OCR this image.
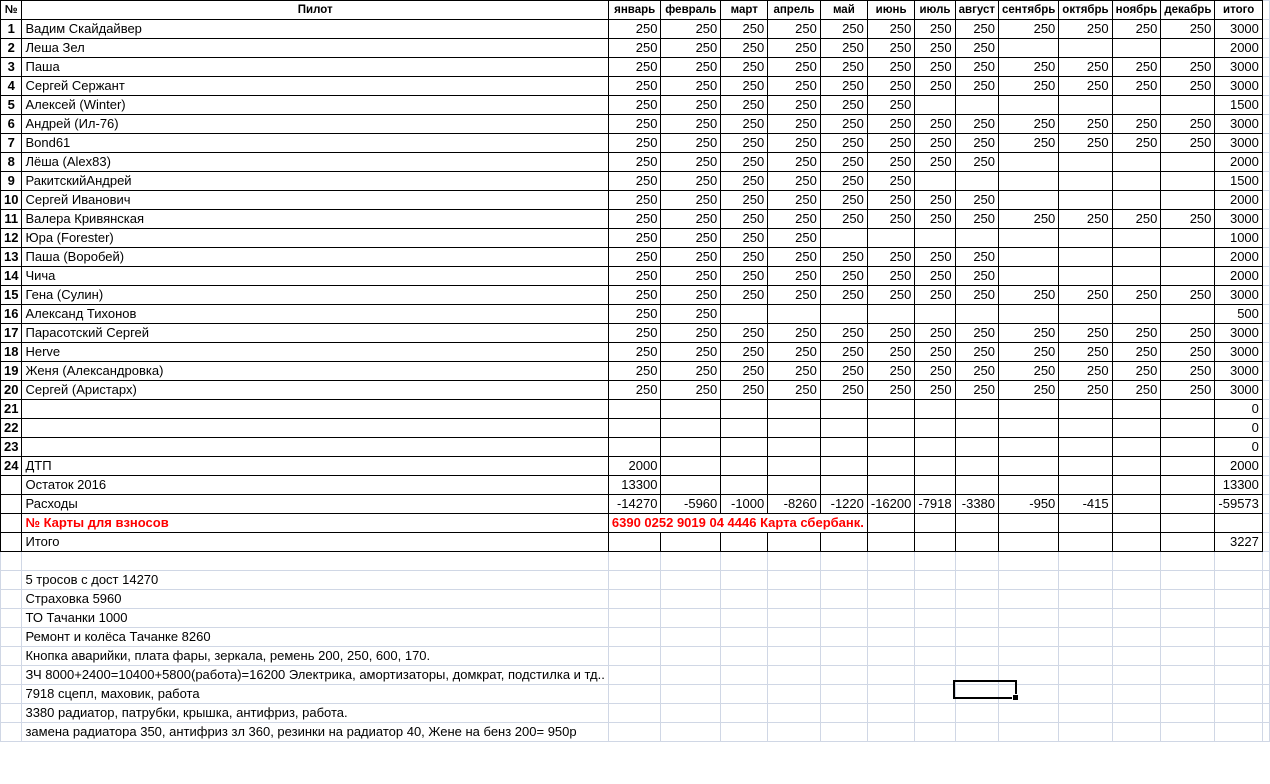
№	Пилот	январь	февраль	март	апрель	май	июнь	июль	август	сентябрь	октябрь	ноябрь	декабрь	итого	
1	Вадим Скайдайвер	250	250	250	250	250	250	250	250	250	250	250	250	3000	
2	Леша Зел	250	250	250	250	250	250	250	250					2000	
3	Паша	250	250	250	250	250	250	250	250	250	250	250	250	3000	
4	Сергей Сержант	250	250	250	250	250	250	250	250	250	250	250	250	3000	
5	Алексей (Winter)	250	250	250	250	250	250							1500	
6	Андрей (Ил-76)	250	250	250	250	250	250	250	250	250	250	250	250	3000	
7	Bond61	250	250	250	250	250	250	250	250	250	250	250	250	3000	
8	Лёша (Alex83)	250	250	250	250	250	250	250	250					2000	
9	РакитскийАндрей	250	250	250	250	250	250							1500	
10	Сергей Иванович	250	250	250	250	250	250	250	250					2000	
11	Валера Кривянская	250	250	250	250	250	250	250	250	250	250	250	250	3000	
12	Юра (Forester)	250	250	250	250									1000	
13	Паша (Воробей)	250	250	250	250	250	250	250	250					2000	
14	Чича	250	250	250	250	250	250	250	250					2000	
15	Гена (Сулин)	250	250	250	250	250	250	250	250	250	250	250	250	3000	
16	Александ Тихонов	250	250											500	
17	Парасотский Сергей	250	250	250	250	250	250	250	250	250	250	250	250	3000	
18	Herve	250	250	250	250	250	250	250	250	250	250	250	250	3000	
19	Женя (Александровка)	250	250	250	250	250	250	250	250	250	250	250	250	3000	
20	Сергей (Аристарх)	250	250	250	250	250	250	250	250	250	250	250	250	3000	
21														0	
22														0	
23														0	
24	ДТП	2000												2000	
	Остаток 2016	13300												13300	
	Расходы	-14270	-5960	-1000	-8260	-1220	-16200	-7918	-3380	-950	-415			-59573	
	№ Карты для взносов	6390 0252 9019 04 4446 Карта сбербанк.													
	Итого													3227	

	5 тросов с дост 14270														
	Страховка 5960														
	ТО Тачанки 1000														
	Ремонт и колёса Тачанке 8260														
	Кнопка аварийки, плата фары, зеркала, ремень 200, 250, 600, 170.														
	ЗЧ 8000+2400=10400+5800(работа)=16200 Электрика, амортизаторы, домкрат, подстилка и тд..														
	7918 сцепл, маховик, работа														
	3380 радиатор, патрубки, крышка, антифриз, работа.														
	замена радиатора 350, антифриз зл 360, резинки на радиатор 40, Жене на бенз 200= 950р														
